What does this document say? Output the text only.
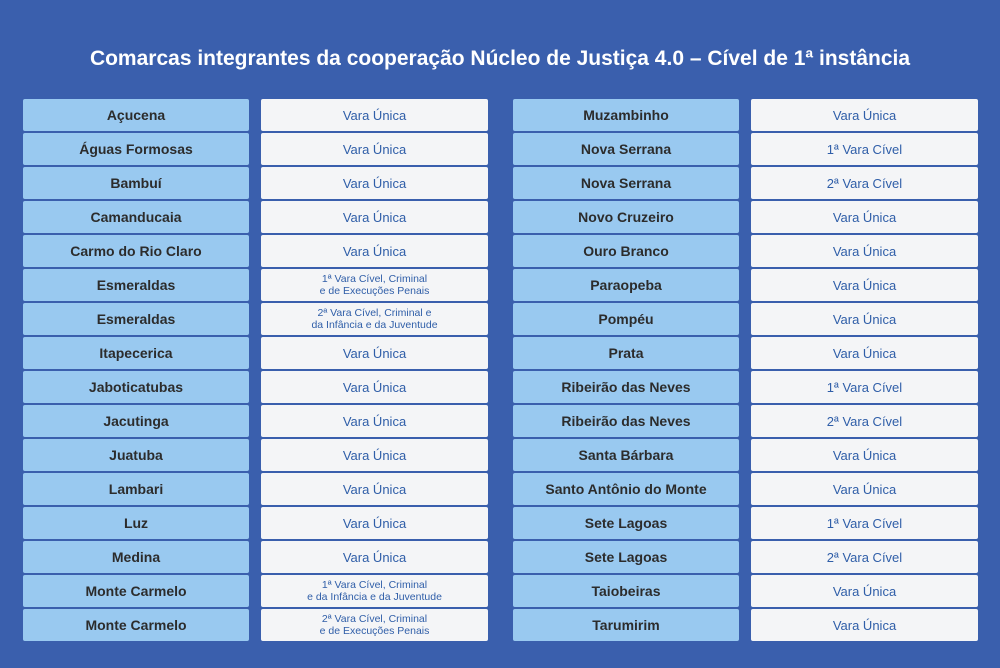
Comarcas integrantes da cooperação Núcleo de Justiça 4.0 – Cível de 1ª instância
Açucena	Vara Única
Águas Formosas	Vara Única
Bambuí	Vara Única
Camanducaia	Vara Única
Carmo do Rio Claro	Vara Única
Esmeraldas	1ª Vara Cível, Criminal
e de Execuções Penais
Esmeraldas	2ª Vara Cível, Criminal e
da Infância e da Juventude
Itapecerica	Vara Única
Jaboticatubas	Vara Única
Jacutinga	Vara Única
Juatuba	Vara Única
Lambari	Vara Única
Luz	Vara Única
Medina	Vara Única
Monte Carmelo	1ª Vara Cível, Criminal
e da Infância e da Juventude
Monte Carmelo	2ª Vara Cível, Criminal
e de Execuções Penais
Muzambinho	Vara Única
Nova Serrana	1ª Vara Cível
Nova Serrana	2ª Vara Cível
Novo Cruzeiro	Vara Única
Ouro Branco	Vara Única
Paraopeba	Vara Única
Pompéu	Vara Única
Prata	Vara Única
Ribeirão das Neves	1ª Vara Cível
Ribeirão das Neves	2ª Vara Cível
Santa Bárbara	Vara Única
Santo Antônio do Monte	Vara Única
Sete Lagoas	1ª Vara Cível
Sete Lagoas	2ª Vara Cível
Taiobeiras	Vara Única
Tarumirim	Vara Única
